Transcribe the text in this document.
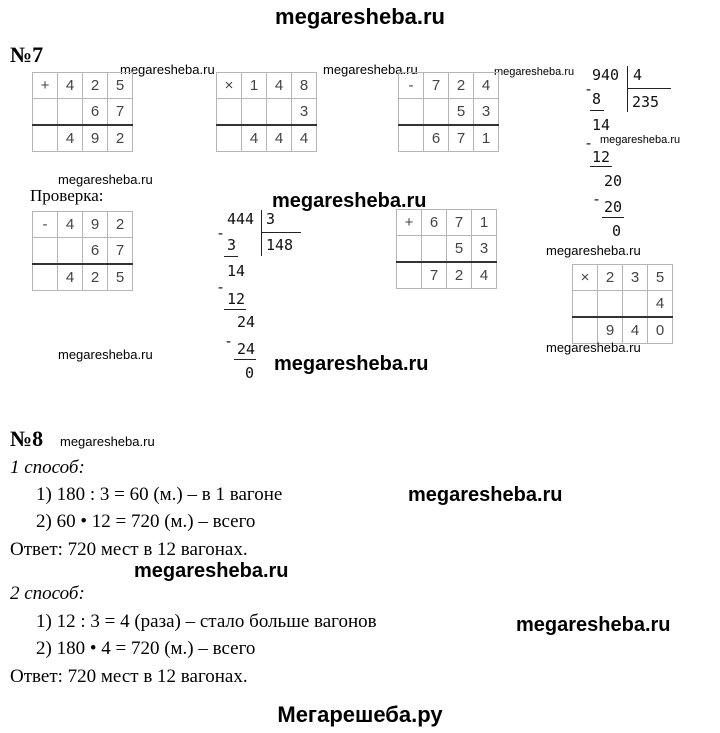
megaresheba.ru
№7
megaresheba.ru	megaresheba.ru	megaresheba.ru
+	4	2	5
		6	7
	4	9	2
×	1	4	8
			3
	4	4	4
-	7	2	4
		5	3
	6	7	1
940 4
235
-
8
14
-
12
20
- 20
0
megaresheba.ru
megaresheba.ru
Проверка:	megaresheba.ru
-	4	9	2
		6	7
	4	2	5
444 3
148
-
3
14
-
12
24
- 24
0
+	6	7	1
		5	3
	7	2	4
megaresheba.ru
×	2	3	5
			4
	9	4	0
megaresheba.ru
megaresheba.ru	megaresheba.ru
№8 megaresheba.ru
1 способ:
1) 180 : 3 = 60 (м.) – в 1 вагоне	megaresheba.ru
2) 60 • 12 = 720 (м.) – всего
Ответ: 720 мест в 12 вагонах.
megaresheba.ru
2 способ:
1) 12 : 3 = 4 (раза) – стало больше вагонов	megaresheba.ru
2) 180 • 4 = 720 (м.) – всего
Ответ: 720 мест в 12 вагонах.
Мегарешеба.ру
